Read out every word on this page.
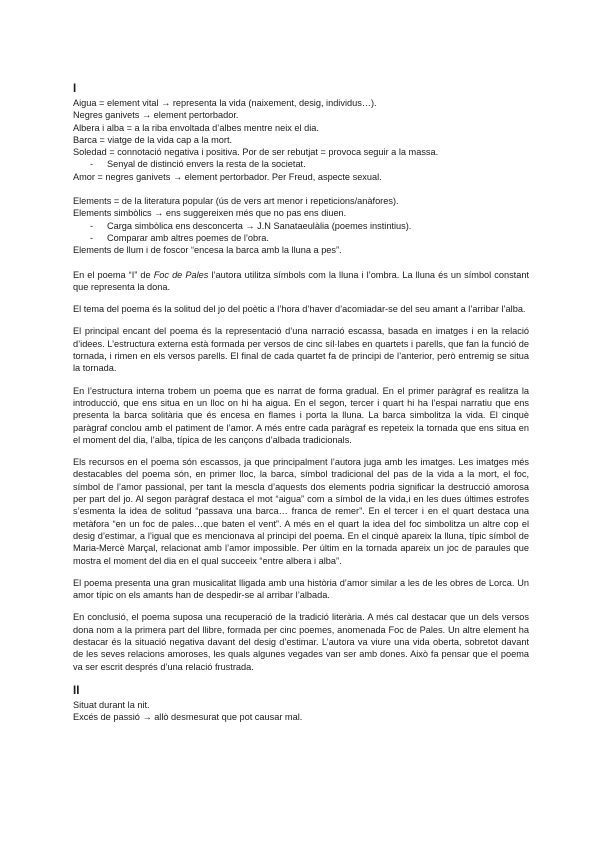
I

Aigua = element vital → representa la vida (naixement, desig, individus…).

Negres ganivets → element pertorbador.

Albera i alba = a la riba envoltada d’albes mentre neix el dia.

Barca = viatge de la vida cap a la mort.

Soledad = connotació negativa i positiva. Por de ser rebutjat = provoca seguir a la massa.

- Senyal de distinció envers la resta de la societat.

Amor = negres ganivets → element pertorbador. Per Freud, aspecte sexual.

Elements = de la literatura popular (ús de vers art menor i repeticions/anàfores).

Elements simbòlics → ens suggereixen més que no pas ens diuen.

- Carga simbòlica ens desconcerta → J.N Sanataeulàlia (poemes instintius).

- Comparar amb altres poemes de l’obra.

Elements de llum i de foscor “encesa la barca amb la lluna a pes”.

En el poema “I” de Foc de Pales l’autora utilitza símbols com la lluna i l’ombra. La lluna és un símbol constant que representa la dona.

El tema del poema és la solitud del jo del poètic a l’hora d’haver d’acomiadar-se del seu amant a l’arribar l’alba.

El principal encant del poema és la representació d’una narració escassa, basada en imatges i en la relació d’idees. L’estructura externa està formada per versos de cinc síl·labes en quartets i parells, que fan la funció de tornada, i rimen en els versos parells. El final de cada quartet fa de principi de l’anterior, però entremig se situa la tornada.

En l’estructura interna trobem un poema que es narrat de forma gradual. En el primer paràgraf es realitza la introducció, que ens situa en un lloc on hi ha aigua. En el segon, tercer i quart hi ha l’espai narratiu que ens presenta la barca solitària que és encesa en flames i porta la lluna. La barca simbolitza la vida. El cinquè paràgraf conclou amb el patiment de l’amor. A més entre cada paràgraf es repeteix la tornada que ens situa en el moment del dia, l’alba, típica de les cançons d’albada tradicionals.

Els recursos en el poema són escassos, ja que principalment l’autora juga amb les imatges. Les imatges més destacables del poema són, en primer lloc, la barca, símbol tradicional del pas de la vida a la mort, el foc, símbol de l’amor passional, per tant la mescla d’aquests dos elements podria significar la destrucció amorosa per part del jo. Al segon paràgraf destaca el mot “aigua” com a símbol de la vida,i en les dues últimes estrofes s’esmenta la idea de solitud “passava una barca… franca de remer”. En el tercer i en el quart destaca una metàfora “en un foc de pales…que baten el vent”. A més en el quart la idea del foc simbolitza un altre cop el desig d’estimar, a l’igual que es mencionava al principi del poema. En el cinquè apareix la lluna, típic símbol de Maria-Mercè Marçal, relacionat amb l’amor impossible. Per últim en la tornada apareix un joc de paraules que mostra el moment del dia en el qual succeeix “entre albera i alba”.

El poema presenta una gran musicalitat lligada amb una història d’amor similar a les de les obres de Lorca. Un amor típic on els amants han de despedir-se al arribar l’albada.

En conclusió, el poema suposa una recuperació de la tradició literària. A més cal destacar que un dels versos dona nom a la primera part del llibre, formada per cinc poemes, anomenada Foc de Pales. Un altre element ha destacar és la situació negativa davant del desig d’estimar. L’autora va viure una vida oberta, sobretot davant de les seves relacions amoroses, les quals algunes vegades van ser amb dones. Això fa pensar que el poema va ser escrit després d’una relació frustrada.

II

Situat durant la nit.

Excés de passió → allò desmesurat que pot causar mal.
